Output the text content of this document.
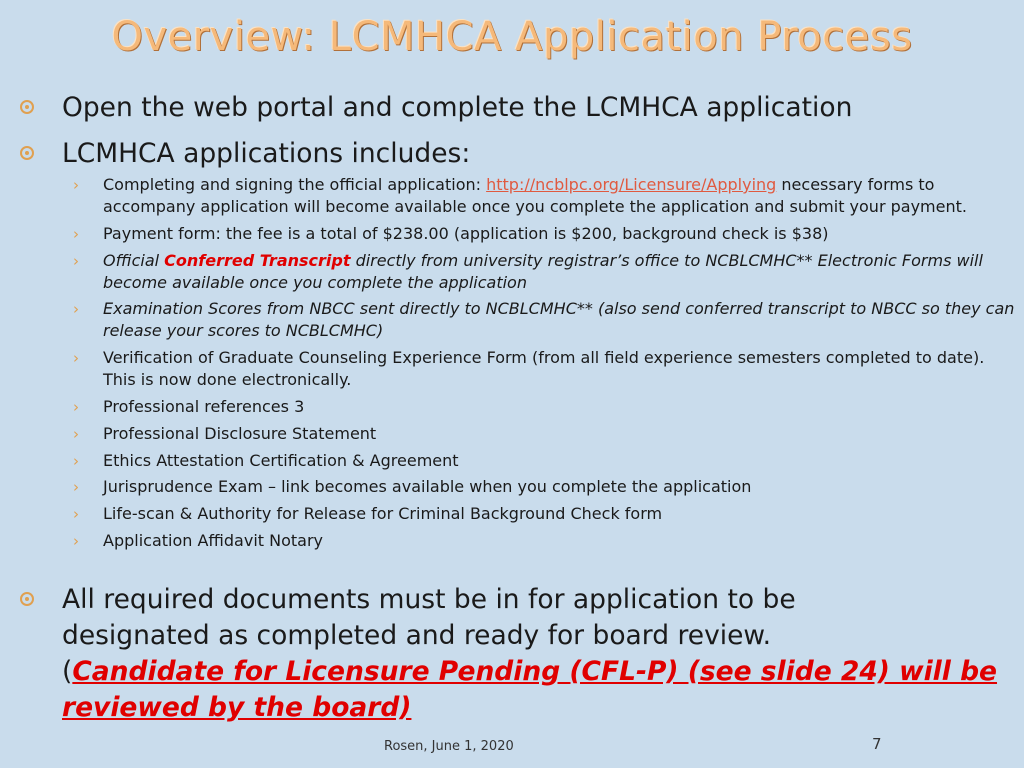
Overview: LCMHCA Application Process
Open the web portal and complete the LCMHCA application
LCMHCA applications includes:
› Completing and signing the official application: http://ncblpc.org/Licensure/Applying necessary forms to accompany application will become available once you complete the application and submit your payment.
› Payment form: the fee is a total of $238.00 (application is $200, background check is $38)
› Official Conferred Transcript directly from university registrar’s office to NCBLCMHC** Electronic Forms will become available once you complete the application
› Examination Scores from NBCC sent directly to NCBLCMHC** (also send conferred transcript to NBCC so they can release your scores to NCBLCMHC)
› Verification of Graduate Counseling Experience Form (from all field experience semesters completed to date). This is now done electronically.
› Professional references 3
› Professional Disclosure Statement
› Ethics Attestation Certification & Agreement
› Jurisprudence Exam – link becomes available when you complete the application
› Life-scan & Authority for Release for Criminal Background Check form
› Application Affidavit Notary
All required documents must be in for application to be
designated as completed and ready for board review.
(Candidate for Licensure Pending (CFL-P) (see slide 24) will be
reviewed by the board)
Rosen, June 1, 2020	7
